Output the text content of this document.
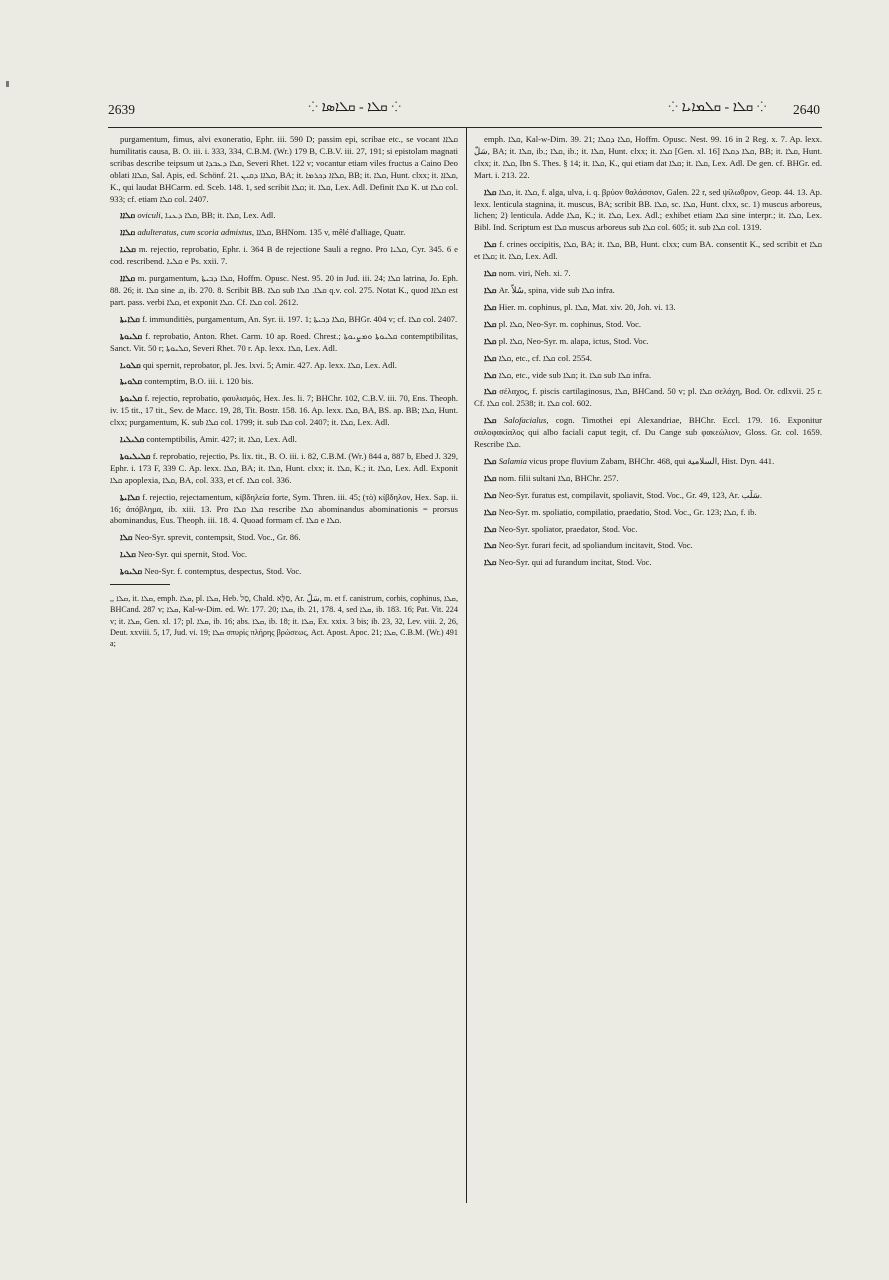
2639	⁘ ܩܠܐ - ܩܠܐܣܐ ⁘	⁘ ܩܠܐ - ܩܠܡܐܝܐ ⁘ 2640

purgamentum, fimus, alvi exoneratio, Ephr. iii. 590 D; passim epi, scribae etc., se vocant ܩܠܐܐ humilitatis causa, B. O. iii. i. 333, 334, C.B.M. (Wr.) 179 B, C.B.V. iii. 27, 191; si epistolam magnati scribas describe teipsum ut ܩܠܐ ܕܥܒܕܐ, Severi Rhet. 122 v; vocantur etiam viles fructus a Caino Deo oblati ܩܠܐܐ, Sal. Apis, ed. Schönf. 21. ܩܠܐܐ ܕܩܝܢ, BA; it. ܩܠܐܐ ܕܟܪܡܐ, BB; it. ܩܠܐ, Hunt. clxx; it. ܩܠܐܐ, K., qui laudat BHCarm. ed. Sceb. 148. 1, sed scribit ܩܠܐ; it. ܩܠܐ, Lex. Adl. Definit ܩܠܐ K. ut ܩܠܐ col. 933; cf. etiam ܩܠܐ col. 2407.

ܩܠܐܐ oviculi, ܩܠܐ ܕܥܢܐ, BB; it. ܩܠܐ, Lex. Adl.

ܩܠܐܐ adulteratus, cum scoria admixtus, ܩܠܐܐ, BHNom. 135 v, mêlé d'alliage, Quatr.

ܩܠܝܐ m. rejectio, reprobatio, Ephr. i. 364 B de rejectione Sauli a regno. Pro ܩܠܝܐ, Cyr. 345. 6 e cod. rescribend. ܩܠܝܐ e Ps. xxii. 7.

ܩܠܐܐ m. purgamentum, ܩܠܐ ܕܒܝܬܐ, Hoffm. Opusc. Nest. 95. 20 in Jud. iii. 24; ܩܠܐ latrina, Jo. Eph. 88. 26; it. ܩܠܐ sine ܩ, ib. 270. 8. Scribit BB. ܩܠܐ sub ܩܠܐ. ܩܠܐ q.v. col. 275. Notat K., quod ܩܠܐܐ est part. pass. verbi ܩܠܐ, et exponit ܩܠܐ. Cf. ܩܠܐ col. 2612.

ܩܠܐܝܬܐ f. immunditiès, purgamentum, An. Syr. ii. 197. 1; ܩܠܐ ܕܒܝܬܐ, BHGr. 404 v; cf. ܩܠܐ col. 2407.

ܩܠܝܘܬܐ f. reprobatio, Anton. Rhet. Carm. 10 ap. Roed. Chrest.; ܩܠܝܘܬܐ ܘܡܨܝܘܬܐ contemptibilitas, Sanct. Vit. 50 r; ܩܠܝܘܬܐ, Severi Rhet. 70 r. Ap. lexx. ܩܠܐ, Lex. Adl.

ܩܠܘܝܐ qui spernit, reprobator, pl. Jes. lxvi. 5; Amir. 427. Ap. lexx. ܩܠܐ, Lex. Adl.

ܩܠܘܝܬܐ contemptim, B.O. iii. i. 120 bis.

ܩܠܝܘܬܐ f. rejectio, reprobatio, φαυλισμός, Hex. Jes. li. 7; BHChr. 102, C.B.V. iii. 70, Ens. Theoph. iv. 15 tit., 17 tit., Sev. de Macc. 19, 28, Tit. Bostr. 158. 16. Ap. lexx. ܩܠܐ, BA, BS. ap. BB; ܩܠܐ, Hunt. clxx; purgamentum, K. sub ܩܠܐ col. 1799; it. sub ܩܠܐ col. 2407; it. ܩܠܐ, Lex. Adl.

ܩܠܝܠܝܐ contemptibilis, Amir. 427; it. ܩܠܐ, Lex. Adl.

ܩܠܝܠܝܘܬܐ f. reprobatio, rejectio, Ps. lix. tit., B. O. iii. i. 82, C.B.M. (Wr.) 844 a, 887 b, Ebed J. 329, Ephr. i. 173 F, 339 C. Ap. lexx. ܩܠܐ, BA; it. ܩܠܐ, Hunt. clxx; it. ܩܠܐ, K.; it. ܩܠܐ, Lex. Adl. Exponit ܩܠܐ apoplexia, ܩܠܐ, BA, col. 333, et cf. ܩܠܐ col. 336.

ܩܠܐܝܬܐ f. rejectio, rejectamentum, κίβδηλεία forte, Sym. Thren. iii. 45; (τὸ) κίβδηλον, Hex. Sap. ii. 16; ἀπόβλημα, ib. xiii. 13. Pro ܩܠܐ ܩܠܐ rescribe ܩܠܐ abominandus abominationis = prorsus abominandus, Eus. Theoph. iii. 18. 4. Quoad formam cf. ܩܠܐ e ܩܠܐ.

ܩܠܐ Neo-Syr. sprevit, contempsit, Stod. Voc., Gr. 86.

ܩܠܝܐ Neo-Syr. qui spernit, Stod. Voc.

ܩܠܝܘܬܐ Neo-Syr. f. contemptus, despectus, Stod. Voc.

,, ܩܠܐ, it. ܩܠܐ, emph. ܩܠܐ, pl. ܩܠܐ, Heb. סַל, Chald. סַלָּא, Ar. سَلّ, m. et f. canistrum, corbis, cophinus, ܩܠܐ, BHCand. 287 v; ܩܠܐ, Kal-w-Dim. ed. Wr. 177. 20; ܩܠܐ, ib. 21, 178. 4, sed ܩܠܐ, ib. 183. 16; Pat. Vit. 224 v; it. ܩܠܐ, Gen. xl. 17; pl. ܩܠܐ, ib. 16; abs. ܩܠܐ, ib. 18; it. ܩܠܐ, Ex. xxix. 3 bis; ib. 23, 32, Lev. viii. 2, 26, Deut. xxviii. 5, 17, Jud. vi. 19; ܩܠܐ σπυρὶς πλήρης βρώσεως, Act. Apost. Apoc. 21; ܩܠܐ, C.B.M. (Wr.) 491 a;

emph. ܩܠܐ, Kal-w-Dim. 39. 21; ܩܠܐ ܕܩܠܐ, Hoffm. Opusc. Nest. 99. 16 in 2 Reg. x. 7. Ap. lexx. سَلّ, BA; it. ܩܠܐ, ib.; ܩܠܐ, ib.; it. ܩܠܐ, Hunt. clxx; it. ܩܠܐ [Gen. xl. 16] ܩܠܐ ܕܩܠܐ, BB; it. ܩܠܐ, Hunt. clxx; it. ܩܠܐ, Ibn S. Thes. § 14; it. ܩܠܐ, K., qui etiam dat ܩܠܐ; it. ܩܠܐ, Lex. Adl. De gen. cf. BHGr. ed. Mart. i. 213. 22.

ܩܠܐ ܩܠܐ, it. ܩܠܐ, f. alga, ulva, i. q. βρύον θαλάσσιον, Galen. 22 r, sed ψίλωθρον, Geop. 44. 13. Ap. lexx. lenticula stagnina, it. muscus, BA; scribit BB. ܩܠܐ, sc. ܩܠܐ, Hunt. clxx, sc. 1) muscus arboreus, lichen; 2) lenticula. Adde ܩܠܐ, K.; it. ܩܠܐ, Lex. Adl.; exhibet etiam ܩܠܐ sine interpr.; it. ܩܠܐ, Lex. Bibl. Ind. Scriptum est ܩܠܐ muscus arboreus sub ܩܠܐ col. 605; it. sub ܩܠܐ col. 1319.

ܩܠܐ f. crines occipitis, ܩܠܐ, BA; it. ܩܠܐ, BB, Hunt. clxx; cum BA. consentit K., sed scribit et ܩܠܐ et ܩܠܐ; it. ܩܠܐ, Lex. Adl.

ܩܠܐ nom. viri, Neh. xi. 7.

ܩܠܐ Ar. سُلاّ, spina, vide sub ܩܠܐ infra.

ܩܠܐ Hier. m. cophinus, pl. ܩܠܐ, Mat. xiv. 20, Joh. vi. 13.

ܩܠܐ pl. ܩܠܐ, Neo-Syr. m. cophinus, Stod. Voc.

ܩܠܐ pl. ܩܠܐ, Neo-Syr. m. alapa, ictus, Stod. Voc.

ܩܠܐ ܩܠܐ, etc., cf. ܩܠܐ col. 2554.

ܩܠܐ ܩܠܐ, etc., vide sub ܩܠܐ; it. ܩܠܐ sub ܩܠܐ infra.

ܩܠܐ σέλαχος, f. piscis cartilaginosus, ܩܠܐ, BHCand. 50 v; pl. ܩܠܐ σελάχη, Bod. Or. cdlxvii. 25 r. Cf. ܩܠܐ col. 2538; it. ܩܠܐ col. 602.

ܩܠܐ Salofacialus, cogn. Timothei epi Alexandriae, BHChr. Eccl. 179. 16. Exponitur σαλοφακίαλος qui albo faciali caput tegit, cf. Du Cange sub φακεώλιον, Gloss. Gr. col. 1659. Rescribe ܩܠܐ.

ܩܠܐ Salamia vicus prope fluvium Zabam, BHChr. 468, qui السلامية, Hist. Dyn. 441.

ܩܠܐ nom. filii sultani ܩܠܐ, BHChr. 257.

ܩܠܐ Neo-Syr. furatus est, compilavit, spoliavit, Stod. Voc., Gr. 49, 123, Ar. سَلَب.

ܩܠܐ Neo-Syr. m. spoliatio, compilatio, praedatio, Stod. Voc., Gr. 123; ܩܠܐ, f. ib.

ܩܠܐ Neo-Syr. spoliator, praedator, Stod. Voc.

ܩܠܐ Neo-Syr. furari fecit, ad spoliandum incitavit, Stod. Voc.

ܩܠܐ Neo-Syr. qui ad furandum incitat, Stod. Voc.
